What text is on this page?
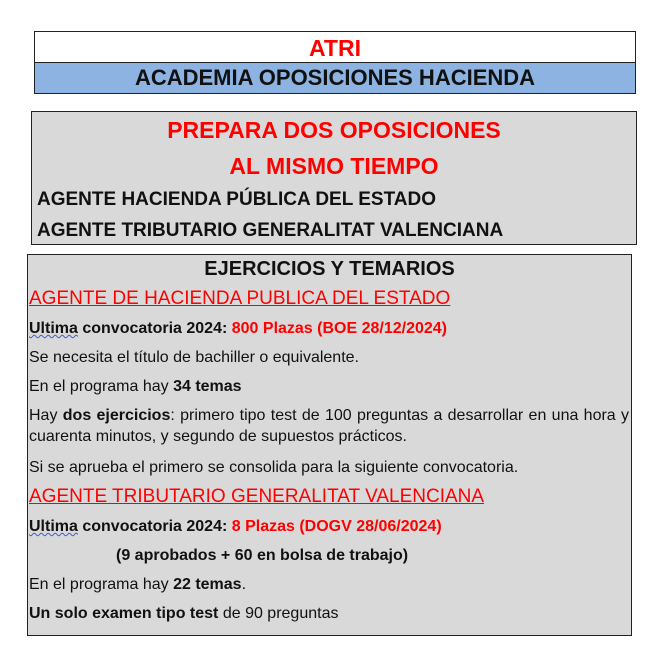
ATRI
ACADEMIA OPOSICIONES HACIENDA
PREPARA DOS OPOSICIONES
AL MISMO TIEMPO
AGENTE HACIENDA PÚBLICA DEL ESTADO
AGENTE TRIBUTARIO GENERALITAT VALENCIANA
EJERCICIOS Y TEMARIOS
AGENTE DE HACIENDA PUBLICA DEL ESTADO
Ultima convocatoria 2024: 800 Plazas (BOE 28/12/2024)
Se necesita el título de bachiller o equivalente.
En el programa hay 34 temas
Hay dos ejercicios: primero tipo test de 100 preguntas a desarrollar en una hora y cuarenta minutos, y segundo de supuestos prácticos.
Si se aprueba el primero se consolida para la siguiente convocatoria.
AGENTE TRIBUTARIO GENERALITAT VALENCIANA
Ultima convocatoria 2024: 8 Plazas (DOGV 28/06/2024)
(9 aprobados + 60 en bolsa de trabajo)
En el programa hay 22 temas.
Un solo examen tipo test de 90 preguntas
